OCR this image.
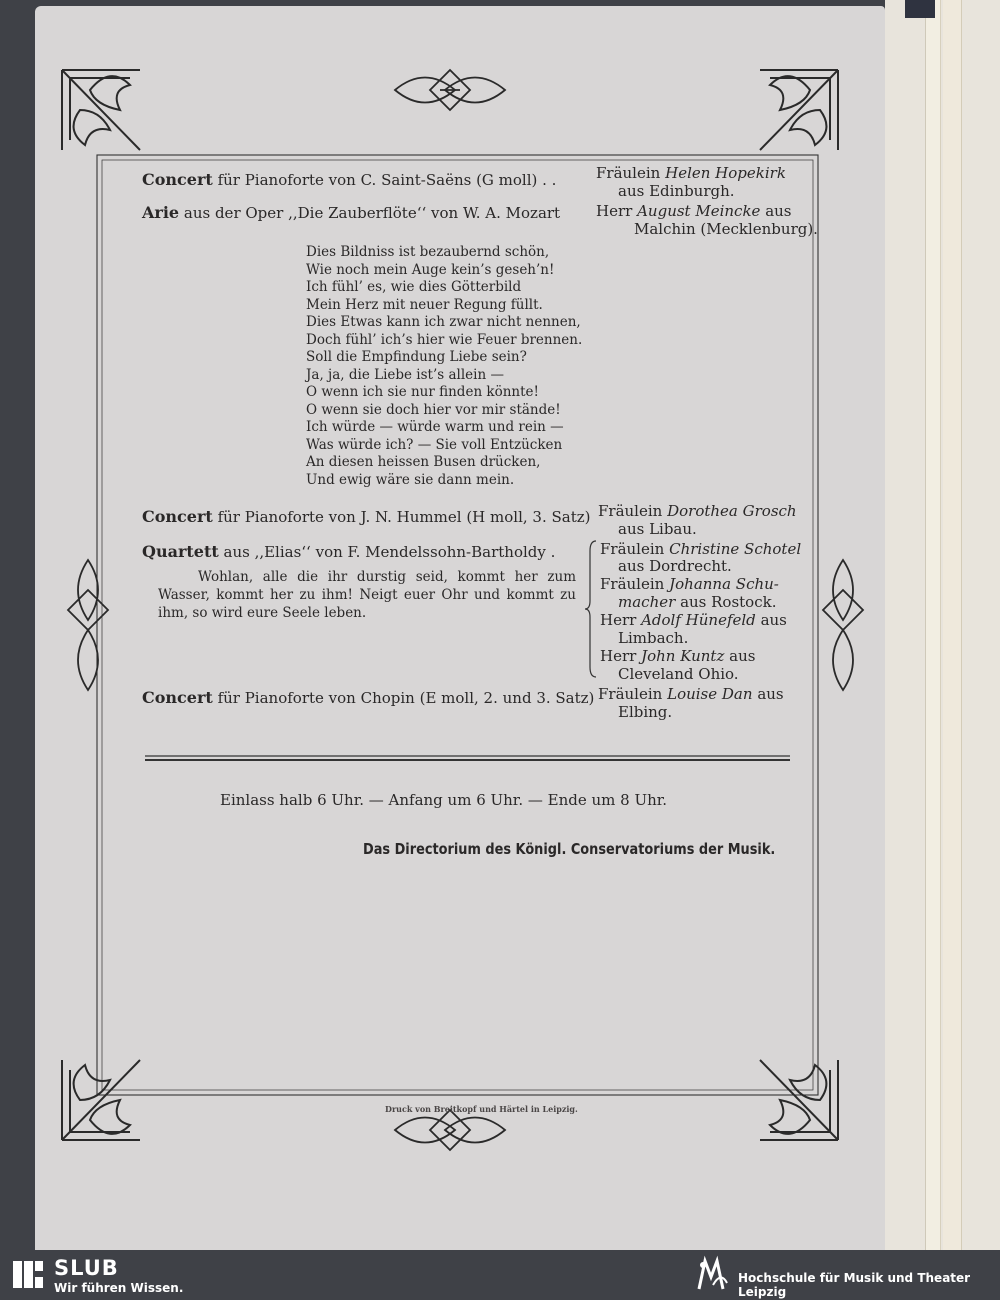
Concert für Pianoforte von C. Saint-Saëns (G moll) . .	Fräulein Helen Hopekirk
aus Edinburgh.
Arie aus der Oper ,,Die Zauberflöte‘‘ von W. A. Mozart Herr August Meincke aus
Malchin (Mecklenburg).
Dies Bildniss ist bezaubernd schön,
Wie noch mein Auge kein’s geseh’n!
Ich fühl’ es, wie dies Götterbild
Mein Herz mit neuer Regung füllt.
Dies Etwas kann ich zwar nicht nennen,
Doch fühl’ ich’s hier wie Feuer brennen.
Soll die Empfindung Liebe sein?
Ja, ja, die Liebe ist’s allein —
O wenn ich sie nur finden könnte!
O wenn sie doch hier vor mir stände!
Ich würde — würde warm und rein —
Was würde ich? — Sie voll Entzücken
An diesen heissen Busen drücken,
Und ewig wäre sie dann mein.
Concert für Pianoforte von J. N. Hummel (H moll, 3. Satz) Fräulein Dorothea Grosch
aus Libau.
Quartett aus ,,Elias‘‘ von F. Mendelssohn-Bartholdy .
Wohlan, alle die ihr durstig seid, kommt her zum Wasser, kommt her zu ihm! Neigt euer Ohr und kommt zu ihm, so wird eure Seele leben.
Fräulein Christine Schotel
aus Dordrecht.
Fräulein Johanna Schu-
macher aus Rostock.
Herr Adolf Hünefeld aus
Limbach.
Herr John Kuntz aus
Cleveland Ohio.
Concert für Pianoforte von Chopin (E moll, 2. und 3. Satz) Fräulein Louise Dan aus
Elbing.
Einlass halb 6 Uhr. — Anfang um 6 Uhr. — Ende um 8 Uhr.
Das Directorium des Königl. Conservatoriums der Musik.
Druck von Breitkopf und Härtel in Leipzig.
SLUB
Wir führen Wissen.
Hochschule für Musik und Theater Leipzig
